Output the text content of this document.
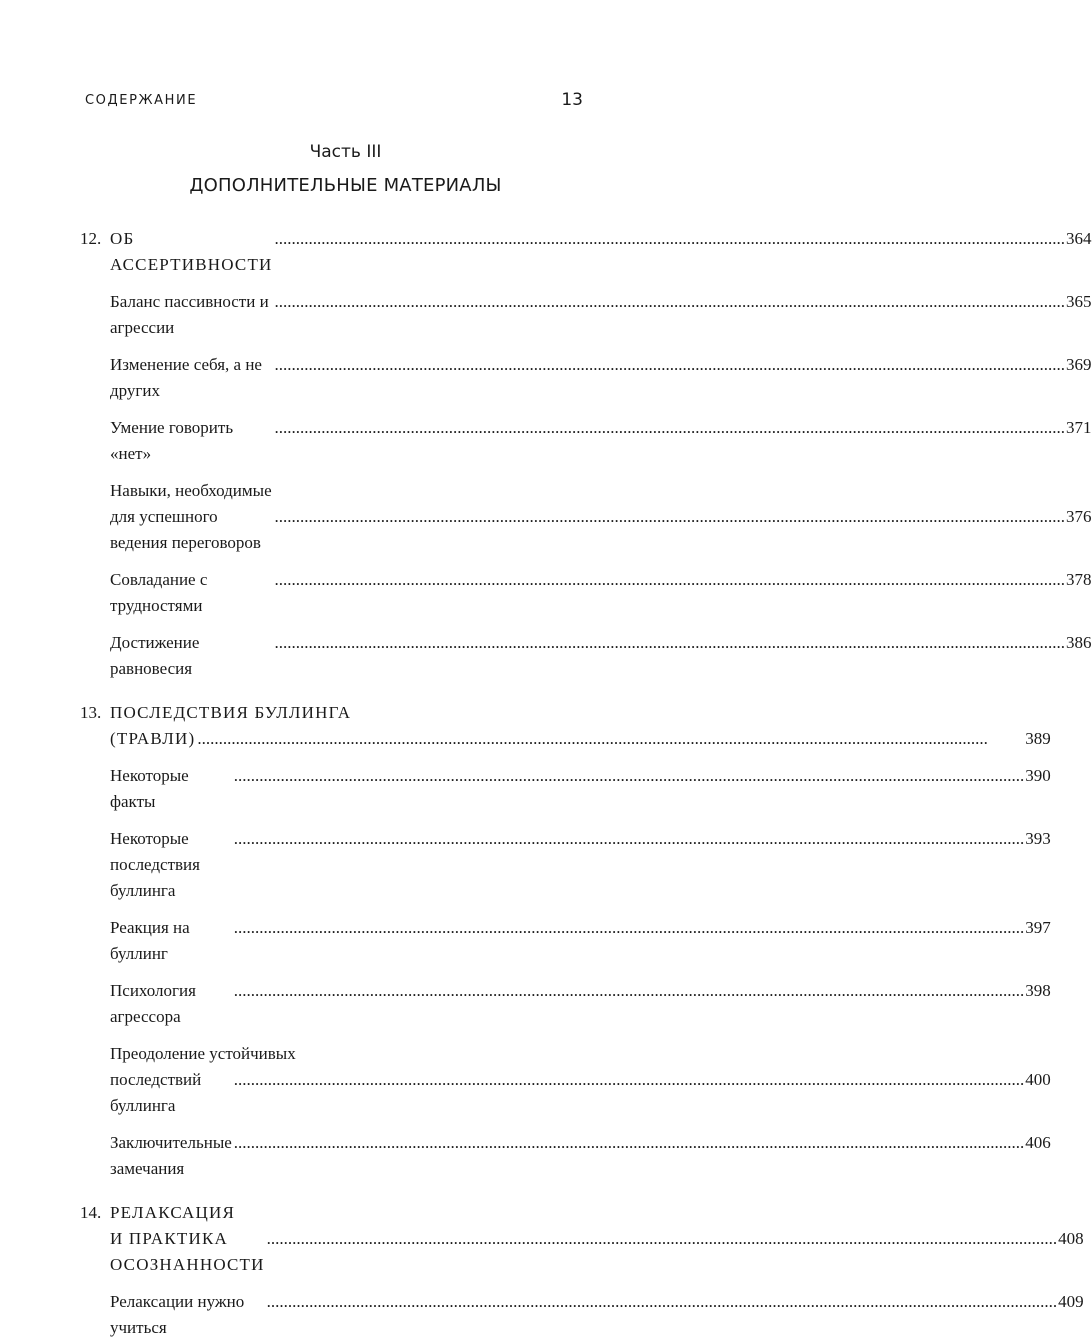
СОДЕРЖАНИЕ	13
Часть III
ДОПОЛНИТЕЛЬНЫЕ МАТЕРИАЛЫ
12. ОБ АССЕРТИВНОСТИ
.....
364
Баланс пассивности и агрессии
.....
365
Изменение себя, а не других
.....
369
Умение говорить «нет»
.....
371
Навыки, необходимые
для успешного ведения переговоров
.....
376
Совладание с трудностями
.....
378
Достижение равновесия
.....
386
13. ПОСЛЕДСТВИЯ БУЛЛИНГА
(ТРАВЛИ)
.....	389
Некоторые факты
.....
390
Некоторые последствия буллинга
.....
393
Реакция на буллинг
.....
397
Психология агрессора
.....
398
Преодоление устойчивых
последствий буллинга
.....
400
Заключительные замечания
.....
406
14. РЕЛАКСАЦИЯ
И ПРАКТИКА ОСОЗНАННОСТИ
.....
408
Релаксации нужно учиться
.....
409
